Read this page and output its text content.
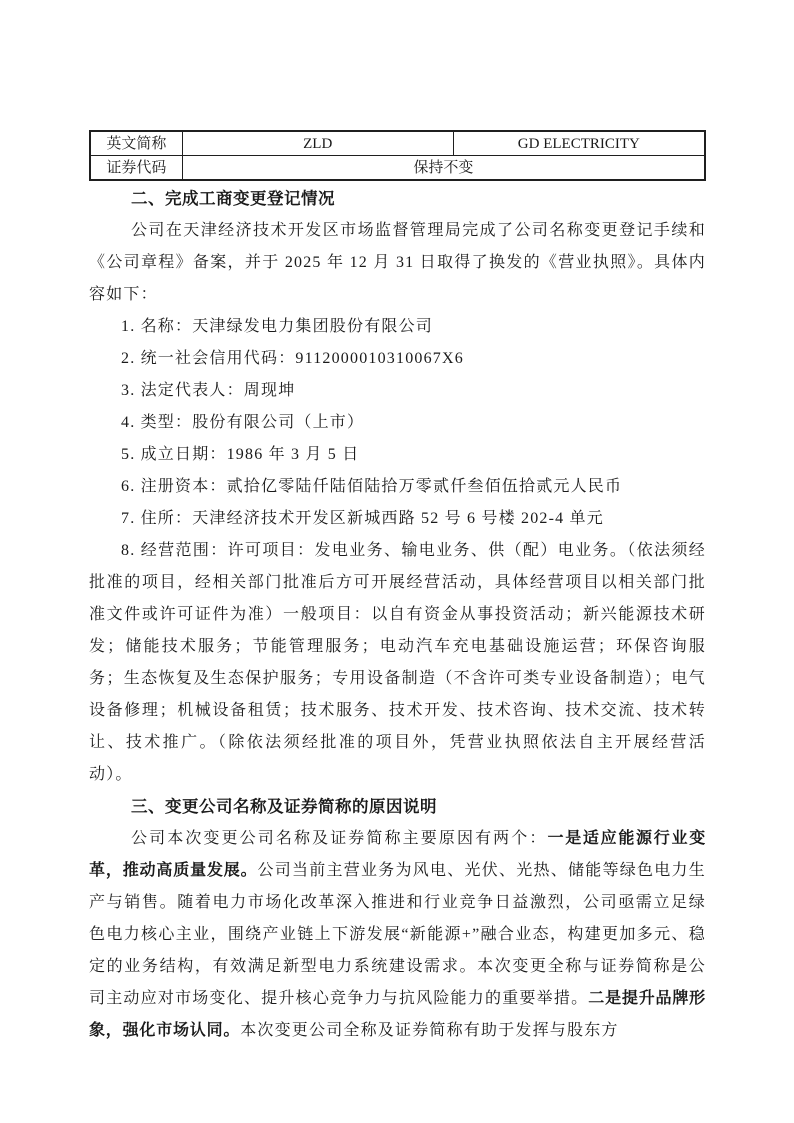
英文简称	ZLD	GD ELECTRICITY
证券代码	保持不变	
二、完成工商变更登记情况

公司在天津经济技术开发区市场监督管理局完成了公司名称变更登记手续和《公司章程》备案，并于 2025 年 12 月 31 日取得了换发的《营业执照》。具体内容如下：

1. 名称：天津绿发电力集团股份有限公司

2. 统一社会信用代码：9112000010310067X6

3. 法定代表人：周现坤

4. 类型：股份有限公司（上市）

5. 成立日期：1986 年 3 月 5 日

6. 注册资本：贰拾亿零陆仟陆佰陆拾万零贰仟叁佰伍拾贰元人民币

7. 住所：天津经济技术开发区新城西路 52 号 6 号楼 202-4 单元

8. 经营范围：许可项目：发电业务、输电业务、供（配）电业务。（依法须经批准的项目，经相关部门批准后方可开展经营活动，具体经营项目以相关部门批准文件或许可证件为准）一般项目：以自有资金从事投资活动；新兴能源技术研发；储能技术服务；节能管理服务；电动汽车充电基础设施运营；环保咨询服务；生态恢复及生态保护服务；专用设备制造（不含许可类专业设备制造）；电气设备修理；机械设备租赁；技术服务、技术开发、技术咨询、技术交流、技术转让、技术推广。（除依法须经批准的项目外，凭营业执照依法自主开展经营活动）。

三、变更公司名称及证券简称的原因说明

公司本次变更公司名称及证券简称主要原因有两个：一是适应能源行业变革，推动高质量发展。公司当前主营业务为风电、光伏、光热、储能等绿色电力生产与销售。随着电力市场化改革深入推进和行业竞争日益激烈，公司亟需立足绿色电力核心主业，围绕产业链上下游发展“新能源+”融合业态，构建更加多元、稳定的业务结构，有效满足新型电力系统建设需求。本次变更全称与证券简称是公司主动应对市场变化、提升核心竞争力与抗风险能力的重要举措。二是提升品牌形象，强化市场认同。本次变更公司全称及证券简称有助于发挥与股东方
